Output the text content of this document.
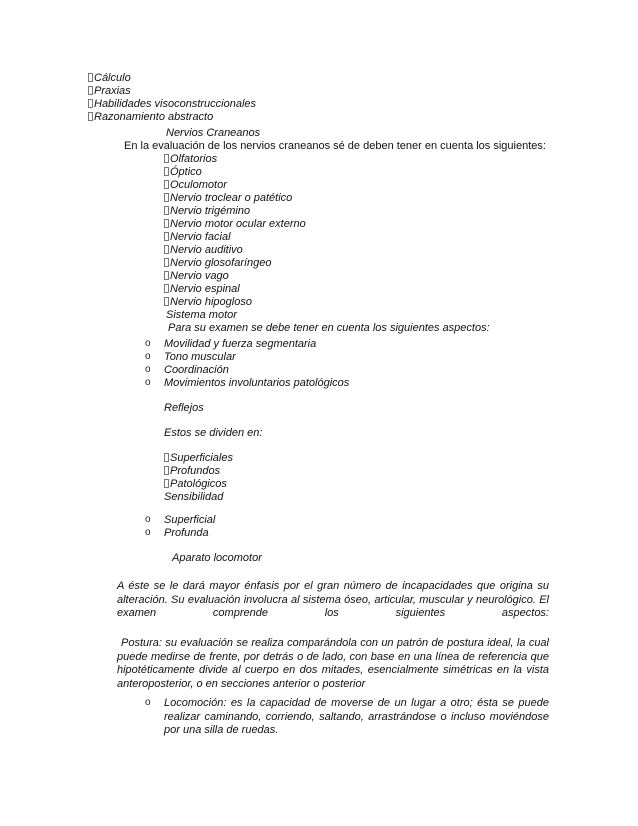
Cálculo
Praxias
Habilidades visoconstruccionales
Razonamiento abstracto
Nervios Craneanos
En la evaluación de los nervios craneanos sé de deben tener en cuenta los siguientes:
Olfatorios
Óptico
Oculomotor
Nervio troclear o patético
Nervio trigémino
Nervio motor ocular externo
Nervio facial
Nervio auditivo
Nervio glosofaríngeo
Nervio vago
Nervio espinal
Nervio hipogloso
Sistema motor
Para su examen se debe tener en cuenta los siguientes aspectos:
o Movilidad y fuerza segmentaria
o Tono muscular
o Coordinación
o Movimientos involuntarios patológicos
Reflejos
Estos se dividen en:
Superficiales
Profundos
Patológicos
Sensibilidad
o Superficial
o Profunda
Aparato locomotor
A éste se le dará mayor énfasis por el gran número de incapacidades que origina su alteración. Su evaluación involucra al sistema óseo, articular, muscular y neurológico. El examen comprende los siguientes aspectos:
Postura: su evaluación se realiza comparándola con un patrón de postura ideal, la cual puede medirse de frente, por detrás o de lado, con base en una línea de referencia que hipotéticamente divide al cuerpo en dos mitades, esencialmente simétricas en la vista anteroposterior, o en secciones anterior o posterior
o Locomoción: es la capacidad de moverse de un lugar a otro; ésta se puede realizar caminando, corriendo, saltando, arrastrándose o incluso moviéndose por una silla de ruedas.
